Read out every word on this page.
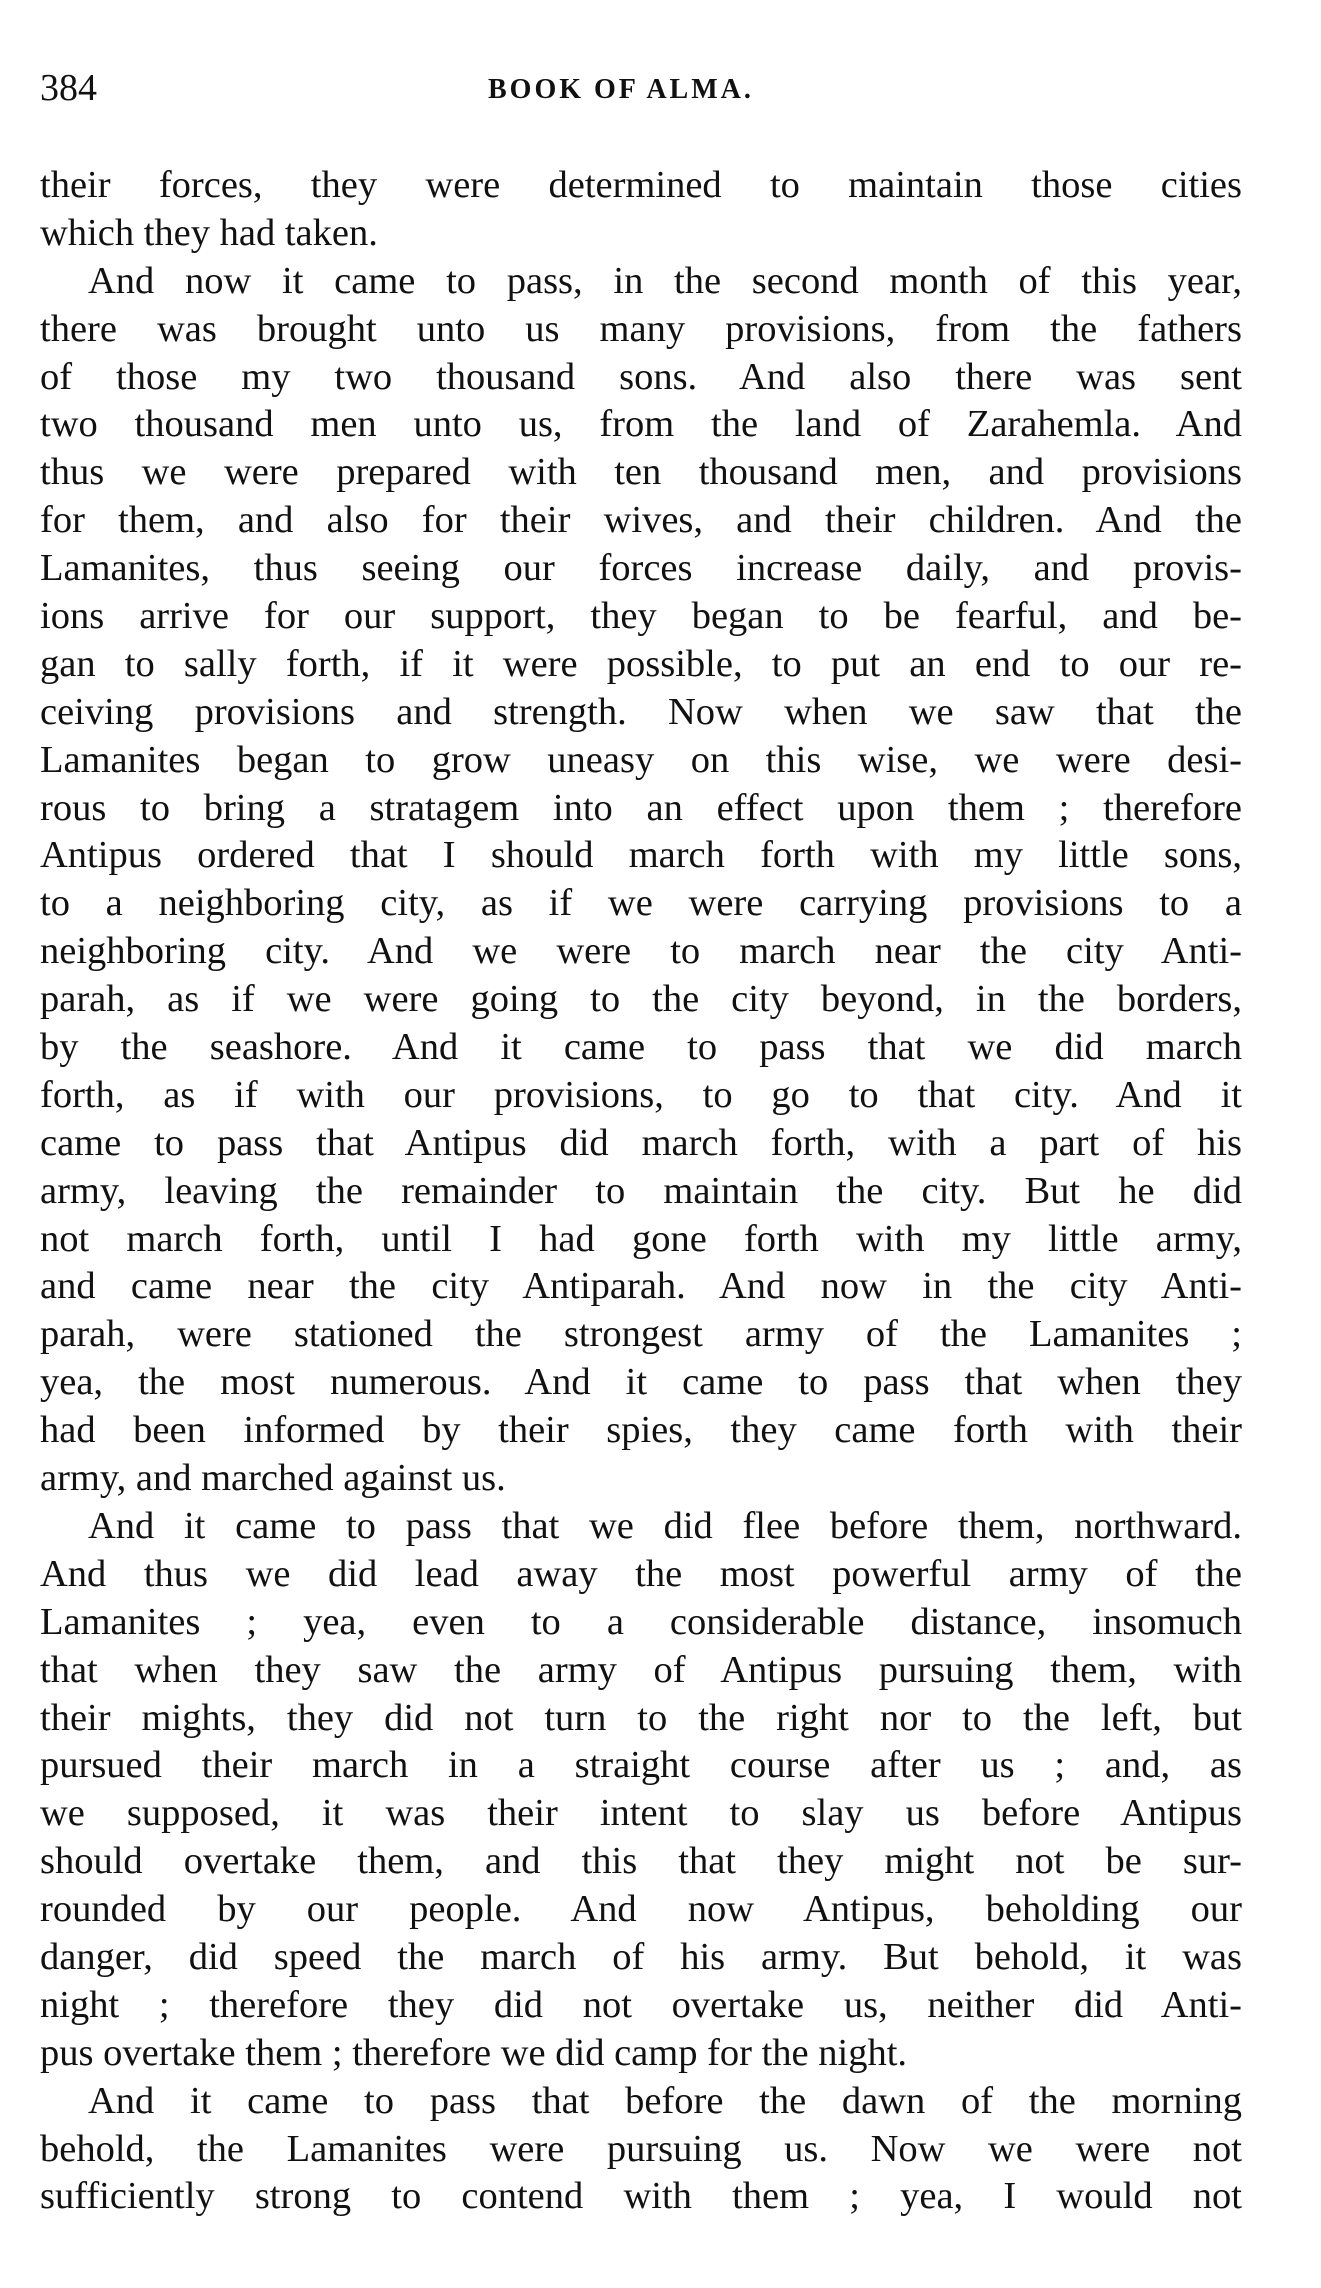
384	BOOK OF ALMA.
their forces, they were determined to maintain those cities
which they had taken.
And now it came to pass, in the second month of this year,
there was brought unto us many provisions, from the fathers
of those my two thousand sons. And also there was sent
two thousand men unto us, from the land of Zarahemla. And
thus we were prepared with ten thousand men, and provisions
for them, and also for their wives, and their children. And the
Lamanites, thus seeing our forces increase daily, and provis-
ions arrive for our support, they began to be fearful, and be-
gan to sally forth, if it were possible, to put an end to our re-
ceiving provisions and strength. Now when we saw that the
Lamanites began to grow uneasy on this wise, we were desi-
rous to bring a stratagem into an effect upon them ; therefore
Antipus ordered that I should march forth with my little sons,
to a neighboring city, as if we were carrying provisions to a
neighboring city. And we were to march near the city Anti-
parah, as if we were going to the city beyond, in the borders,
by the seashore. And it came to pass that we did march
forth, as if with our provisions, to go to that city. And it
came to pass that Antipus did march forth, with a part of his
army, leaving the remainder to maintain the city. But he did
not march forth, until I had gone forth with my little army,
and came near the city Antiparah. And now in the city Anti-
parah, were stationed the strongest army of the Lamanites ;
yea, the most numerous. And it came to pass that when they
had been informed by their spies, they came forth with their
army, and marched against us.
And it came to pass that we did flee before them, northward.
And thus we did lead away the most powerful army of the
Lamanites ; yea, even to a considerable distance, insomuch
that when they saw the army of Antipus pursuing them, with
their mights, they did not turn to the right nor to the left, but
pursued their march in a straight course after us ; and, as
we supposed, it was their intent to slay us before Antipus
should overtake them, and this that they might not be sur-
rounded by our people. And now Antipus, beholding our
danger, did speed the march of his army. But behold, it was
night ; therefore they did not overtake us, neither did Anti-
pus overtake them ; therefore we did camp for the night.
And it came to pass that before the dawn of the morning
behold, the Lamanites were pursuing us. Now we were not
sufficiently strong to contend with them ; yea, I would not
